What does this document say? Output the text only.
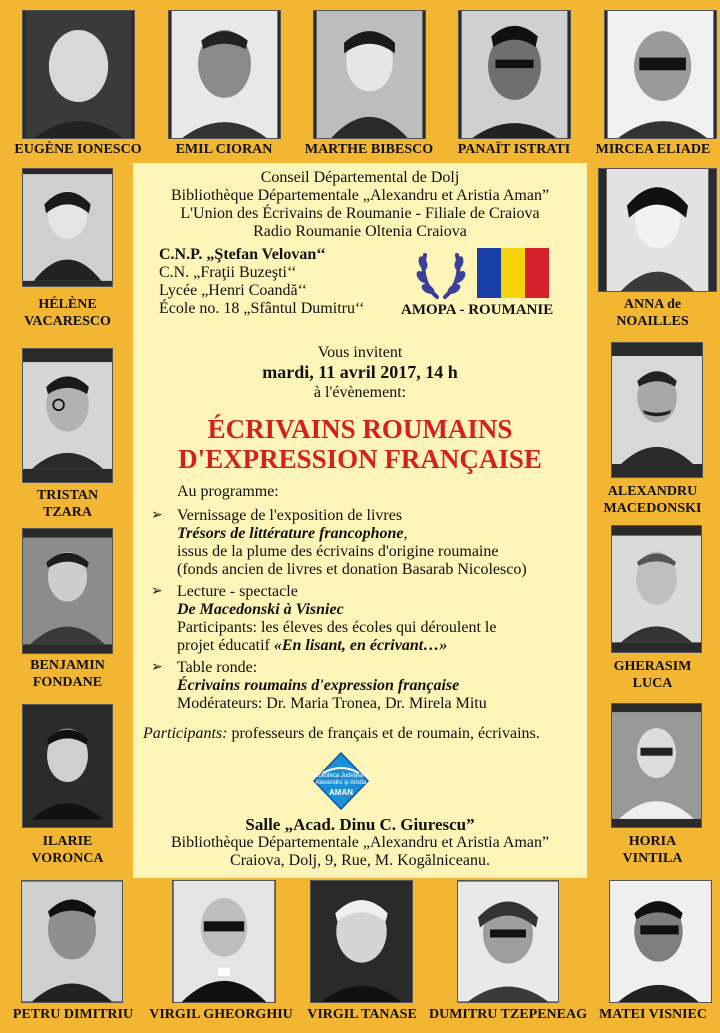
EUGÈNE IONESCO	EMIL CIORAN	MARTHE BIBESCO	PANAÏT ISTRATI	MIRCEA ELIADE
HÉLÈNE
VACARESCO
TRISTAN
TZARA
BENJAMIN
FONDANE
ILARIE
VORONCA
ANNA de
NOAILLES
ALEXANDRU
MACEDONSKI
GHERASIM
LUCA
HORIA
VINTILA
PETRU DIMITRIU	VIRGIL GHEORGHIU	VIRGIL TANASE DUMITRU TZEPENEAG MATEI VISNIEC
Conseil Départemental de Dolj
Bibliothèque Départementale „Alexandru et Aristia Aman”
L'Union des Écrivains de Roumanie - Filiale de Craiova
Radio Roumanie Oltenia Craiova
C.N.P. „Ştefan Velovan‘‘
C.N. „Fraţii Buzeşti‘‘
Lycée „Henri Coandă‘‘
École no. 18 „Sfântul Dumitru‘‘ AMOPA - ROUMANIE
Vous invitent
mardi, 11 avril 2017, 14 h
à l'évènement:
ÉCRIVAINS ROUMAINS
D'EXPRESSION FRANÇAISE
Au programme:
➢ Vernissage de l'exposition de livres
Trésors de littérature francophone,
issus de la plume des écrivains d'origine roumaine
(fonds ancien de livres et donation Basarab Nicolesco)
➢ Lecture - spectacle
De Macedonski à Visniec
Participants: les éleves des écoles qui déroulent le
projet éducatif «En lisant, en écrivant…»
➢ Table ronde:
Écrivains roumains d'expression française
Modérateurs: Dr. Maria Tronea, Dr. Mirela Mitu
Participants: professeurs de français et de roumain, écrivains.
Biblioteca Judeţeană
Alexandru şi Aristia
AMAN
Salle „Acad. Dinu C. Giurescu”
Bibliothèque Départementale „Alexandru et Aristia Aman”
Craiova, Dolj, 9, Rue, M. Kogălniceanu.
